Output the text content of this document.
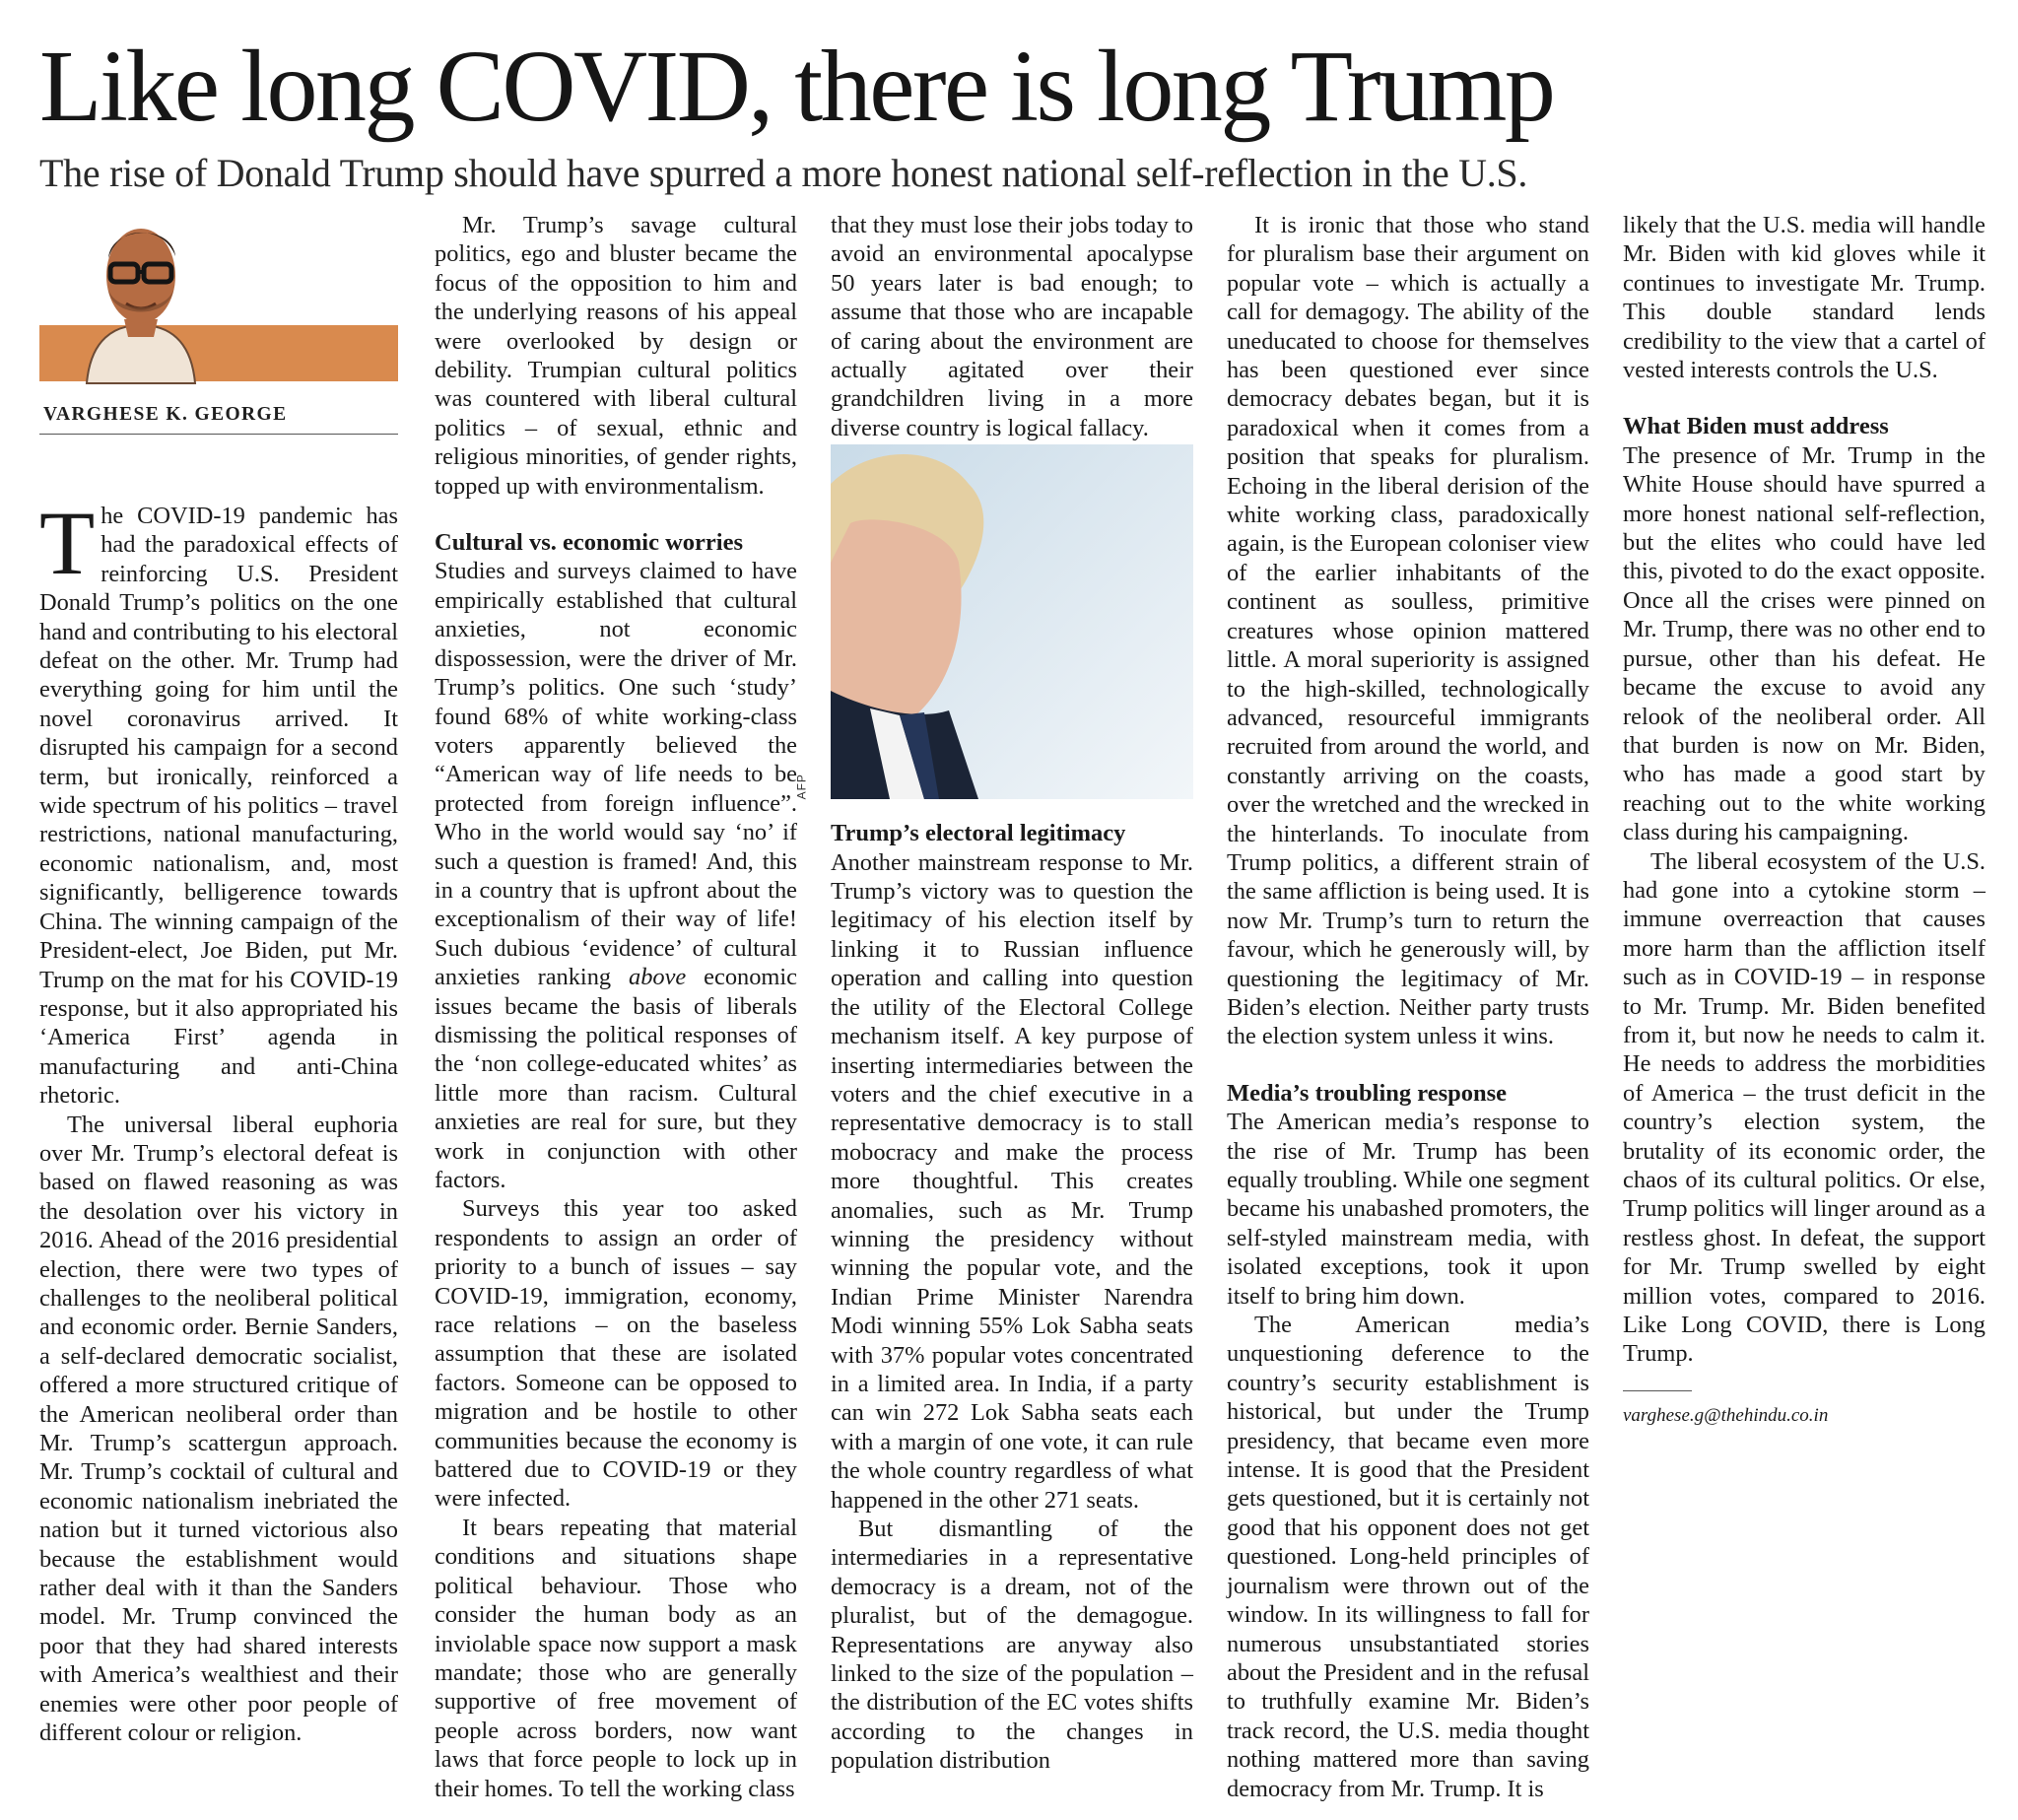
Like long COVID, there is long Trump
The rise of Donald Trump should have spurred a more honest national self-reflection in the U.S.
VARGHESE K. GEORGE

The COVID-19 pandemic has had the paradoxical effects of reinforcing U.S. President Donald Trump’s politics on the one hand and contributing to his electoral defeat on the other. Mr. Trump had everything going for him until the novel coronavirus arrived. It disrupted his campaign for a second term, but ironically, reinforced a wide spectrum of his politics – travel restrictions, national manufacturing, economic nationalism, and, most significantly, belligerence towards China. The winning campaign of the President-elect, Joe Biden, put Mr. Trump on the mat for his COVID-19 response, but it also appropriated his ‘America First’ agenda in manufacturing and anti-China rhetoric.

The universal liberal euphoria over Mr. Trump’s electoral defeat is based on flawed reasoning as was the desolation over his victory in 2016. Ahead of the 2016 presidential election, there were two types of challenges to the neoliberal political and economic order. Bernie Sanders, a self-declared democratic socialist, offered a more structured critique of the American neoliberal order than Mr. Trump’s scattergun approach. Mr. Trump’s cocktail of cultural and economic nationalism inebriated the nation but it turned victorious also because the establishment would rather deal with it than the Sanders model. Mr. Trump convinced the poor that they had shared interests with America’s wealthiest and their enemies were other poor people of different colour or religion.

Mr. Trump’s savage cultural politics, ego and bluster became the focus of the opposition to him and the underlying reasons of his appeal were overlooked by design or debility. Trumpian cultural politics was countered with liberal cultural politics – of sexual, ethnic and religious minorities, of gender rights, topped up with environmentalism.

Cultural vs. economic worries

Studies and surveys claimed to have empirically established that cultural anxieties, not economic dispossession, were the driver of Mr. Trump’s politics. One such ‘study’ found 68% of white working-class voters apparently believed the “American way of life needs to be protected from foreign influence”. Who in the world would say ‘no’ if such a question is framed! And, this in a country that is upfront about the exceptionalism of their way of life! Such dubious ‘evidence’ of cultural anxieties ranking above economic issues became the basis of liberals dismissing the political responses of the ‘non college-educated whites’ as little more than racism. Cultural anxieties are real for sure, but they work in conjunction with other factors.

Surveys this year too asked respondents to assign an order of priority to a bunch of issues – say COVID-19, immigration, economy, race relations – on the baseless assumption that these are isolated factors. Someone can be opposed to migration and be hostile to other communities because the economy is battered due to COVID-19 or they were infected.

It bears repeating that material conditions and situations shape political behaviour. Those who consider the human body as an inviolable space now support a mask mandate; those who are generally supportive of free movement of people across borders, now want laws that force people to lock up in their homes. To tell the working class

that they must lose their jobs today to avoid an environmental apocalypse 50 years later is bad enough; to assume that those who are incapable of caring about the environment are actually agitated over their grandchildren living in a more diverse country is logical fallacy.

AFP
Trump’s electoral legitimacy

Another mainstream response to Mr. Trump’s victory was to question the legitimacy of his election itself by linking it to Russian influence operation and calling into question the utility of the Electoral College mechanism itself. A key purpose of inserting intermediaries between the voters and the chief executive in a representative democracy is to stall mobocracy and make the process more thoughtful. This creates anomalies, such as Mr. Trump winning the presidency without winning the popular vote, and the Indian Prime Minister Narendra Modi winning 55% Lok Sabha seats with 37% popular votes concentrated in a limited area. In India, if a party can win 272 Lok Sabha seats each with a margin of one vote, it can rule the whole country regardless of what happened in the other 271 seats.

But dismantling of the intermediaries in a representative democracy is a dream, not of the pluralist, but of the demagogue. Representations are anyway also linked to the size of the population – the distribution of the EC votes shifts according to the changes in population distribution

It is ironic that those who stand for pluralism base their argument on popular vote – which is actually a call for demagogy. The ability of the uneducated to choose for themselves has been questioned ever since democracy debates began, but it is paradoxical when it comes from a position that speaks for pluralism. Echoing in the liberal derision of the white working class, paradoxically again, is the European coloniser view of the earlier inhabitants of the continent as soulless, primitive creatures whose opinion mattered little. A moral superiority is assigned to the high-skilled, technologically advanced, resourceful immigrants recruited from around the world, and constantly arriving on the coasts, over the wretched and the wrecked in the hinterlands. To inoculate from Trump politics, a different strain of the same affliction is being used. It is now Mr. Trump’s turn to return the favour, which he generously will, by questioning the legitimacy of Mr. Biden’s election. Neither party trusts the election system unless it wins.

Media’s troubling response

The American media’s response to the rise of Mr. Trump has been equally troubling. While one segment became his unabashed promoters, the self-styled mainstream media, with isolated exceptions, took it upon itself to bring him down.

The American media’s unquestioning deference to the country’s security establishment is historical, but under the Trump presidency, that became even more intense. It is good that the President gets questioned, but it is certainly not good that his opponent does not get questioned. Long-held principles of journalism were thrown out of the window. In its willingness to fall for numerous unsubstantiated stories about the President and in the refusal to truthfully examine Mr. Biden’s track record, the U.S. media thought nothing mattered more than saving democracy from Mr. Trump. It is

likely that the U.S. media will handle Mr. Biden with kid gloves while it continues to investigate Mr. Trump. This double standard lends credibility to the view that a cartel of vested interests controls the U.S.

What Biden must address

The presence of Mr. Trump in the White House should have spurred a more honest national self-reflection, but the elites who could have led this, pivoted to do the exact opposite. Once all the crises were pinned on Mr. Trump, there was no other end to pursue, other than his defeat. He became the excuse to avoid any relook of the neoliberal order. All that burden is now on Mr. Biden, who has made a good start by reaching out to the white working class during his campaigning.

The liberal ecosystem of the U.S. had gone into a cytokine storm – immune overreaction that causes more harm than the affliction itself such as in COVID-19 – in response to Mr. Trump. Mr. Biden benefited from it, but now he needs to calm it. He needs to address the morbidities of America – the trust deficit in the country’s election system, the brutality of its economic order, the chaos of its cultural politics. Or else, Trump politics will linger around as a restless ghost. In defeat, the support for Mr. Trump swelled by eight million votes, compared to 2016. Like Long COVID, there is Long Trump.

varghese.g@thehindu.co.in
